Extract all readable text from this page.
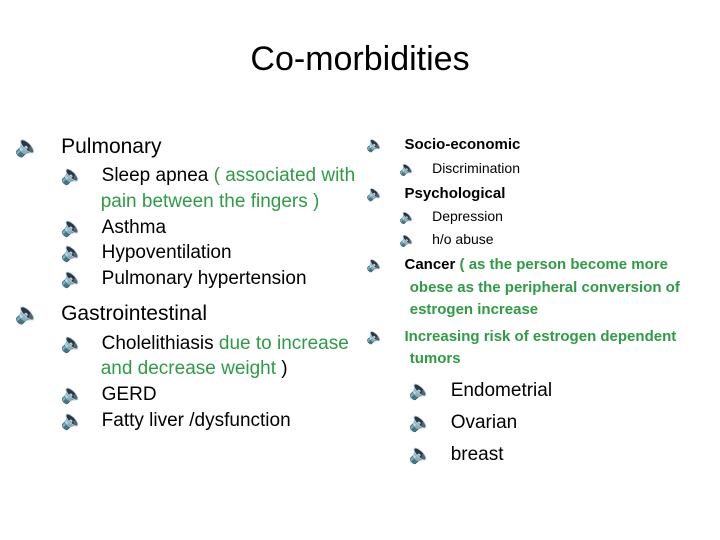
Co-morbidities

🔈 Pulmonary

🔈 Sleep apnea ( associated with pain between the fingers )

🔈 Asthma

🔈 Hypoventilation

🔈 Pulmonary hypertension

🔈 Gastrointestinal

🔈 Cholelithiasis due to increase and decrease weight )

🔈 GERD

🔈 Fatty liver /dysfunction

🔈 Socio-economic

🔈 Discrimination

🔈 Psychological

🔈 Depression

🔈 h/o abuse

🔈 Cancer ( as the person become more obese as the peripheral conversion of estrogen increase

🔈 Increasing risk of estrogen dependent tumors

🔈 Endometrial

🔈 Ovarian

🔈 breast
